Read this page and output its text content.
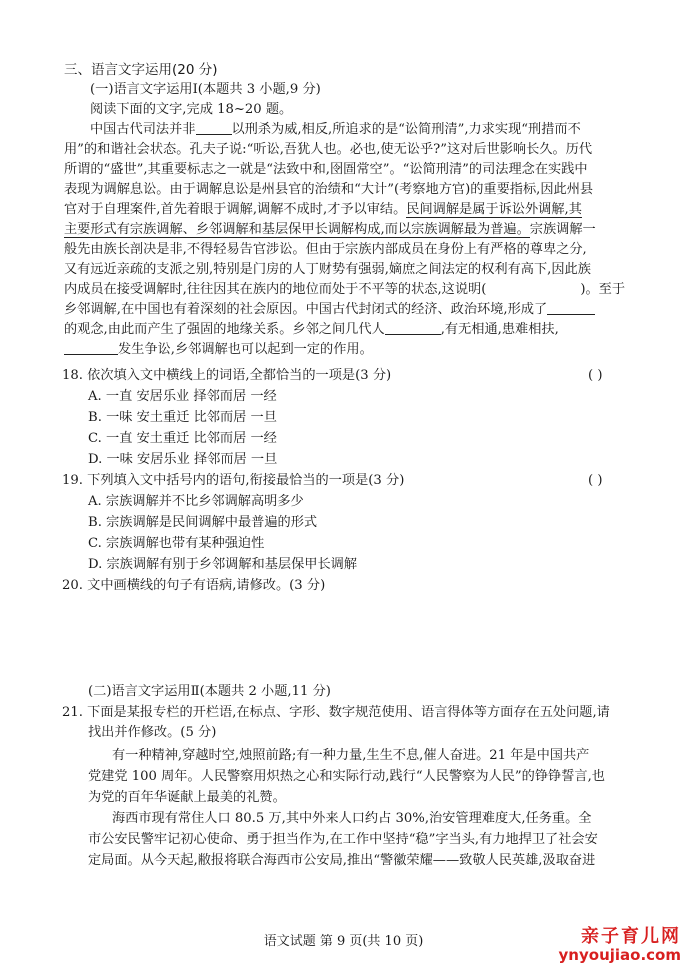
三、语言文字运用(20 分)
(一)语言文字运用Ⅰ(本题共 3 小题,9 分)
阅读下面的文字,完成 18~20 题。
中国古代司法并非	以刑杀为威,相反,所追求的是“讼简刑清”,力求实现“刑措而不
用”的和谐社会状态。孔夫子说:“听讼,吾犹人也。必也,使无讼乎?”这对后世影响长久。历代
所谓的“盛世”,其重要标志之一就是“法致中和,囹圄常空”。“讼简刑清”的司法理念在实践中
表现为调解息讼。由于调解息讼是州县官的治绩和“大计”(考察地方官)的重要指标,因此州县
官对于自理案件,首先着眼于调解,调解不成时,才予以审结。民间调解是属于诉讼外调解,其
主要形式有宗族调解、乡邻调解和基层保甲长调解构成,而以宗族调解最为普遍。宗族调解一
般先由族长剖决是非,不得轻易告官涉讼。但由于宗族内部成员在身份上有严格的尊卑之分,
又有远近亲疏的支派之别,特别是门房的人丁财势有强弱,嫡庶之间法定的权利有高下,因此族
内成员在接受调解时,往往因其在族内的地位而处于不平等的状态,这说明(	)。至于
乡邻调解,在中国也有着深刻的社会原因。中国古代封闭式的经济、政治环境,形成了
的观念,由此而产生了强固的地缘关系。乡邻之间几代人	,有无相通,患难相扶,
发生争讼,乡邻调解也可以起到一定的作用。
18. 依次填入文中横线上的词语,全都恰当的一项是(3 分)	( )
A. 一直 安居乐业 择邻而居 一经
B. 一味 安土重迁 比邻而居 一旦
C. 一直 安土重迁 比邻而居 一经
D. 一味 安居乐业 择邻而居 一旦
19. 下列填入文中括号内的语句,衔接最恰当的一项是(3 分)	( )
A. 宗族调解并不比乡邻调解高明多少
B. 宗族调解是民间调解中最普遍的形式
C. 宗族调解也带有某种强迫性
D. 宗族调解有别于乡邻调解和基层保甲长调解
20. 文中画横线的句子有语病,请修改。(3 分)
(二)语言文字运用Ⅱ(本题共 2 小题,11 分)
21. 下面是某报专栏的开栏语,在标点、字形、数字规范使用、语言得体等方面存在五处问题,请
找出并作修改。(5 分)
有一种精神,穿越时空,烛照前路;有一种力量,生生不息,催人奋进。21 年是中国共产
党建党 100 周年。人民警察用炽热之心和实际行动,践行“人民警察为人民”的铮铮誓言,也
为党的百年华诞献上最美的礼赞。
海西市现有常住人口 80.5 万,其中外来人口约占 30%,治安管理难度大,任务重。全
市公安民警牢记初心使命、勇于担当作为,在工作中坚持“稳”字当头,有力地捍卫了社会安
定局面。从今天起,敝报将联合海西市公安局,推出“警徽荣耀——致敬人民英雄,汲取奋进
语文试题 第 9 页(共 10 页)	亲子育儿网
ynyoujiao.com
